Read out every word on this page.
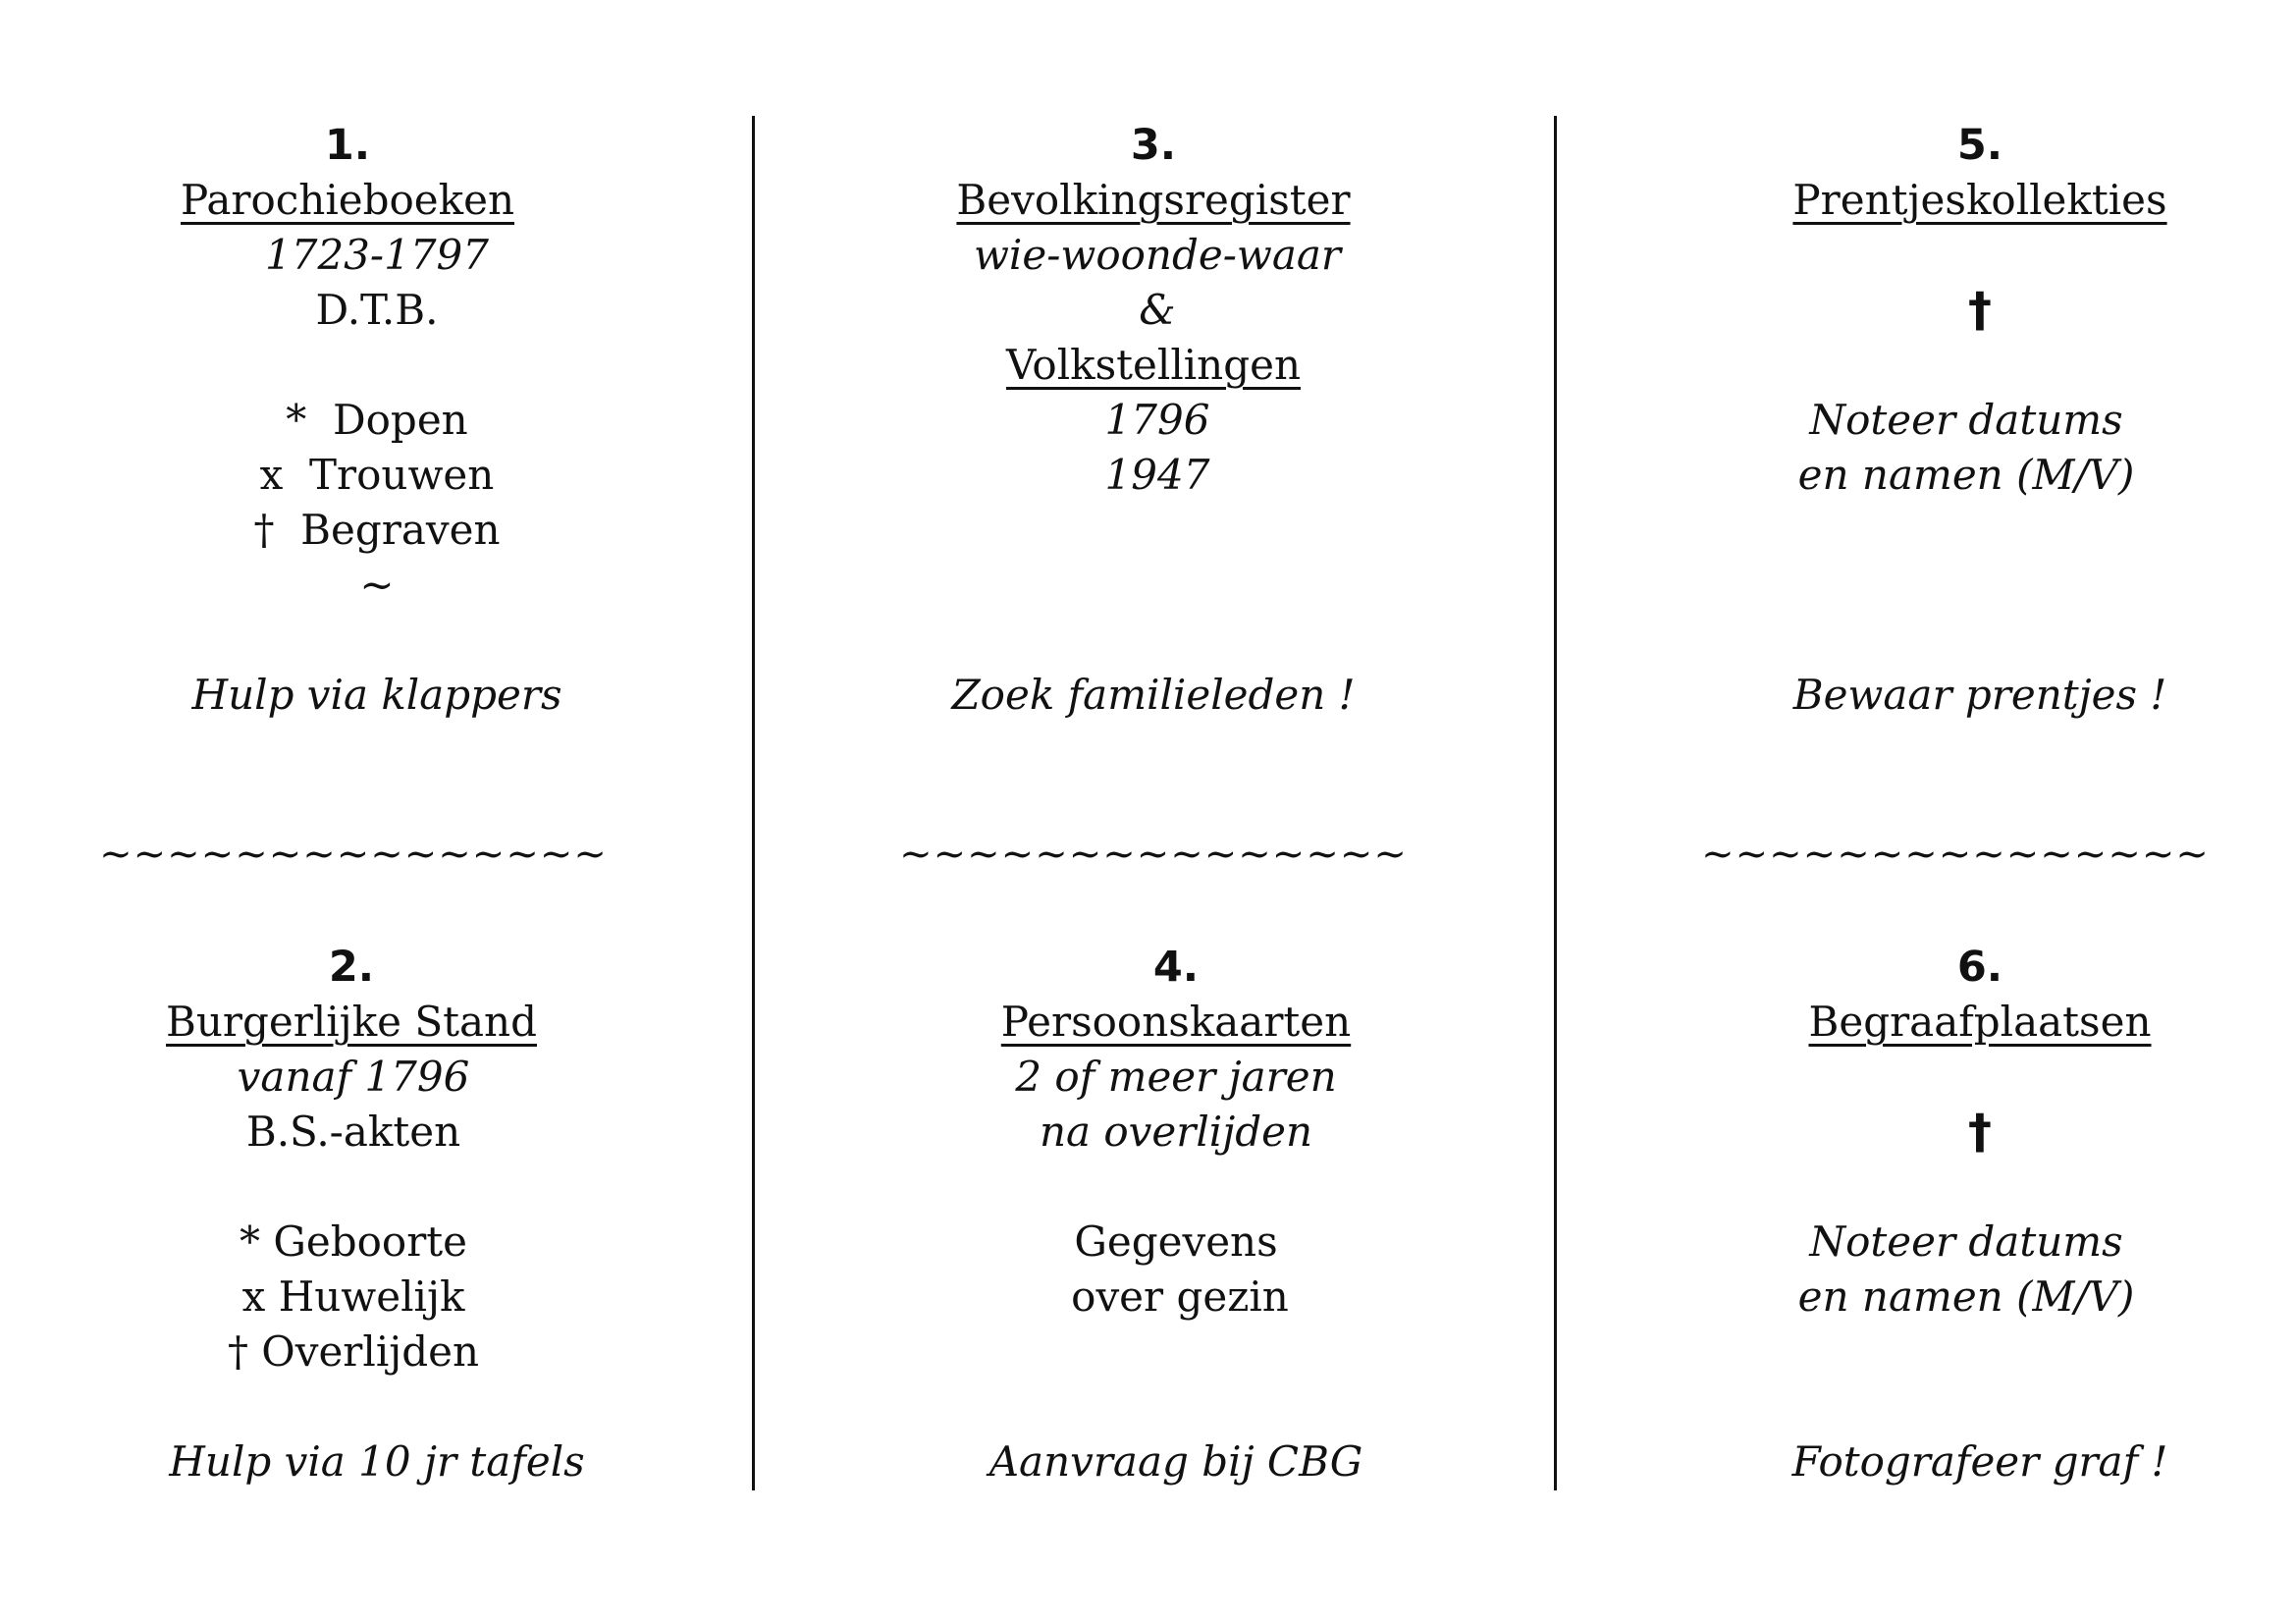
1.
Parochieboeken
1723-1797
D.T.B.
*  Dopen
x  Trouwen
†  Begraven
~
Hulp via klappers
~~~~~~~~~~~~~~~
2.
Burgerlijke Stand
vanaf 1796
B.S.-akten
* Geboorte
x Huwelijk
† Overlijden
Hulp via 10 jr tafels
3.
Bevolkingsregister
wie-woonde-waar
&
Volkstellingen
1796
1947
Zoek familieleden !
~~~~~~~~~~~~~~~
4.
Persoonskaarten
2 of meer jaren
na overlijden
Gegevens
over gezin
Aanvraag bij CBG
5.
Prentjeskollekties
†
Noteer datums
en namen (M/V)
Bewaar prentjes !
~~~~~~~~~~~~~~~
6.
Begraafplaatsen
†
Noteer datums
en namen (M/V)
Fotografeer graf !
